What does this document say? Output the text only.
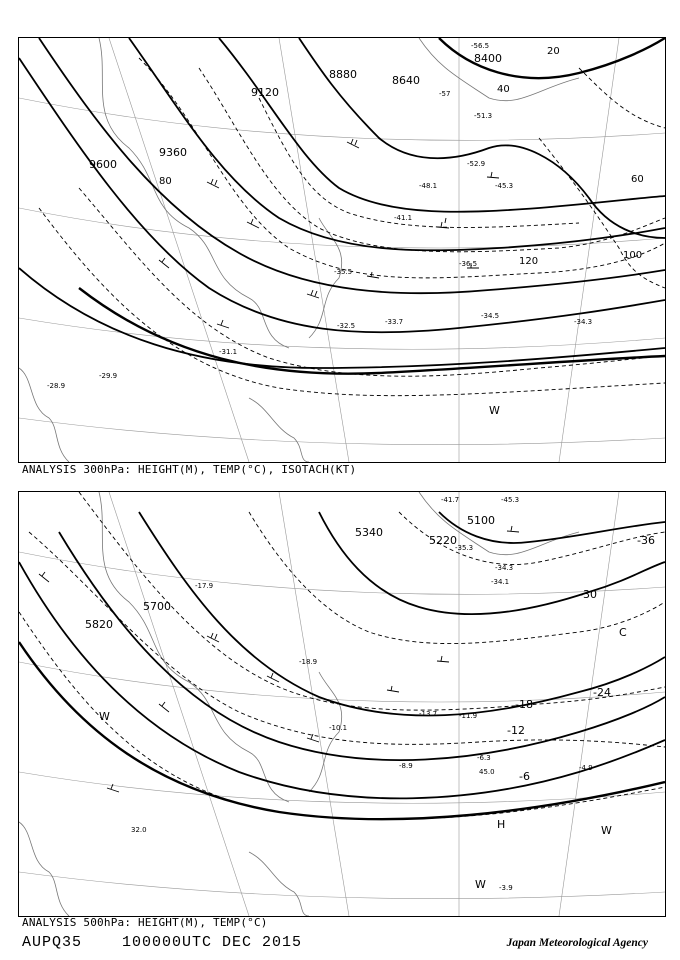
8400
8880	8640
9120
9360
9600
20
40
60
80
100
120
-56.5
-57
-51.3
-48.1
-41.1
-36.5
-35.5
-33.7
-32.5
-31.1
-29.9
-28.9
-34.5
-34.3
-52.9
-45.3
W
ANALYSIS 300hPa: HEIGHT(M), TEMP(°C), ISOTACH(KT)
5100
5220
5340
5700
5820
-36
-30
-24
-18
-12
-6
C
-41.7	-45.3
-35.3
-34.3
-34.1
-17.9
-18.9
-13.7	-11.9
-10.1
-8.9
-6.3
-4.9
-3.9
32.0
45.0
H	W
W
W
ANALYSIS 500hPa: HEIGHT(M), TEMP(°C)
AUPQ35	100000UTC DEC 2015	Japan Meteorological Agency
